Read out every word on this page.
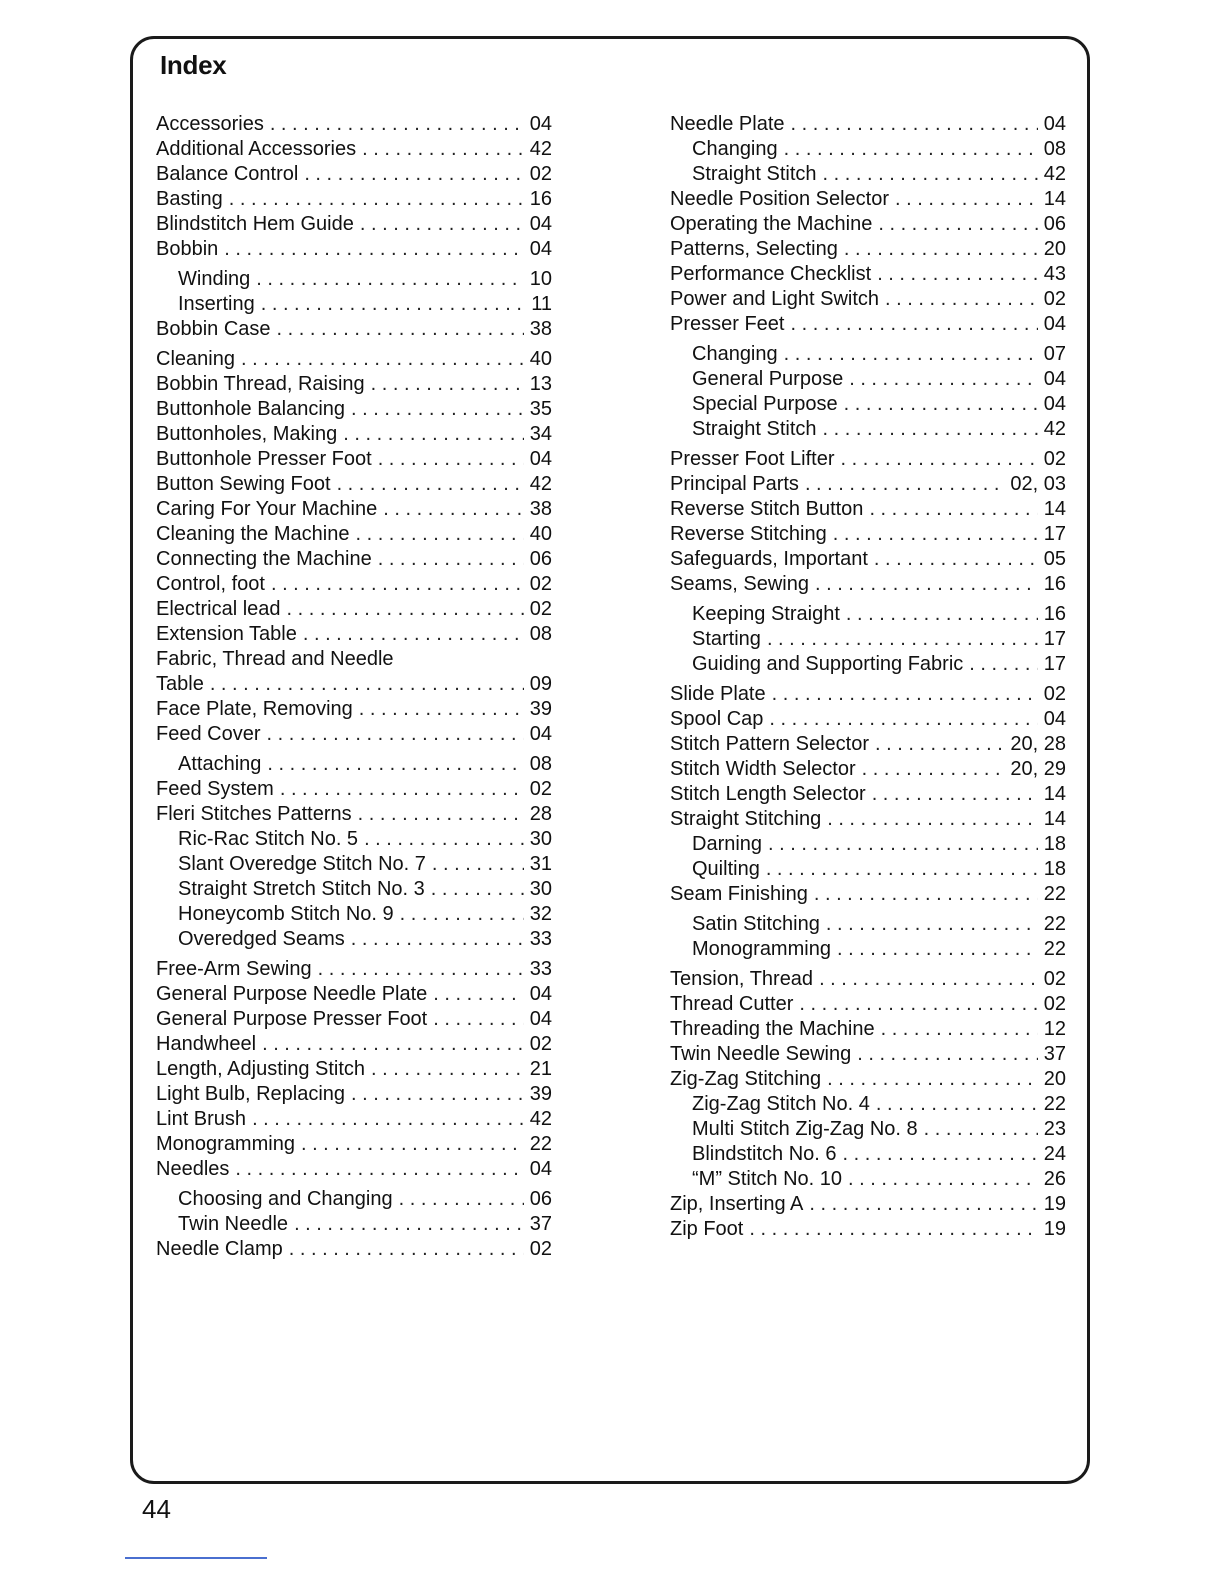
Index
Accessories . . .	04
Additional Accessories . . .	42
Balance Control . . .	02
Basting . . .	16
Blindstitch Hem Guide . . .	04
Bobbin . . .	04
Winding . . .	10
Inserting . . .	11
Bobbin Case . . .	38
Cleaning . . .	40
Bobbin Thread, Raising . . .	13
Buttonhole Balancing . . .	35
Buttonholes, Making . . .	34
Buttonhole Presser Foot . . .	04
Button Sewing Foot . . .	42
Caring For Your Machine . . .	38
Cleaning the Machine . . .	40
Connecting the Machine . . .	06
Control, foot . . .	02
Electrical lead . . .	02
Extension Table . . .	08
Fabric, Thread and Needle
Table . . .	09
Face Plate, Removing . . .	39
Feed Cover . . .	04
Attaching . . .	08
Feed System . . .	02
Fleri Stitches Patterns . . .	28
Ric-Rac Stitch No. 5 . . .	30
Slant Overedge Stitch No. 7 . . .	31
Straight Stretch Stitch No. 3 . . .	30
Honeycomb Stitch No. 9 . . .	32
Overedged Seams . . .	33
Free-Arm Sewing . . .	33
General Purpose Needle Plate . . .	04
General Purpose Presser Foot . . .	04
Handwheel . . .	02
Length, Adjusting Stitch . . .	21
Light Bulb, Replacing . . .	39
Lint Brush . . .	42
Monogramming . . .	22
Needles . . .	04
Choosing and Changing . . .	06
Twin Needle . . .	37
Needle Clamp . . .	02
Needle Plate . . .	04
Changing . . .	08
Straight Stitch . . .	42
Needle Position Selector . . .	14
Operating the Machine . . .	06
Patterns, Selecting . . .	20
Performance Checklist . . .	43
Power and Light Switch . . .	02
Presser Feet . . .	04
Changing . . .	07
General Purpose . . .	04
Special Purpose . . .	04
Straight Stitch . . .	42
Presser Foot Lifter . . .	02
Principal Parts . . .	02, 03
Reverse Stitch Button . . .	14
Reverse Stitching . . .	17
Safeguards, Important . . .	05
Seams, Sewing . . .	16
Keeping Straight . . .	16
Starting . . .	17
Guiding and Supporting Fabric . . .	17
Slide Plate . . .	02
Spool Cap . . .	04
Stitch Pattern Selector . . .	20, 28
Stitch Width Selector . . .	20, 29
Stitch Length Selector . . .	14
Straight Stitching . . .	14
Darning . . .	18
Quilting . . .	18
Seam Finishing . . .	22
Satin Stitching . . .	22
Monogramming . . .	22
Tension, Thread . . .	02
Thread Cutter . . .	02
Threading the Machine . . .	12
Twin Needle Sewing . . .	37
Zig-Zag Stitching . . .	20
Zig-Zag Stitch No. 4 . . .	22
Multi Stitch Zig-Zag No. 8 . . .	23
Blindstitch No. 6 . . .	24
“M” Stitch No. 10 . . .	26
Zip, Inserting A . . .	19
Zip Foot . . .	19
44
